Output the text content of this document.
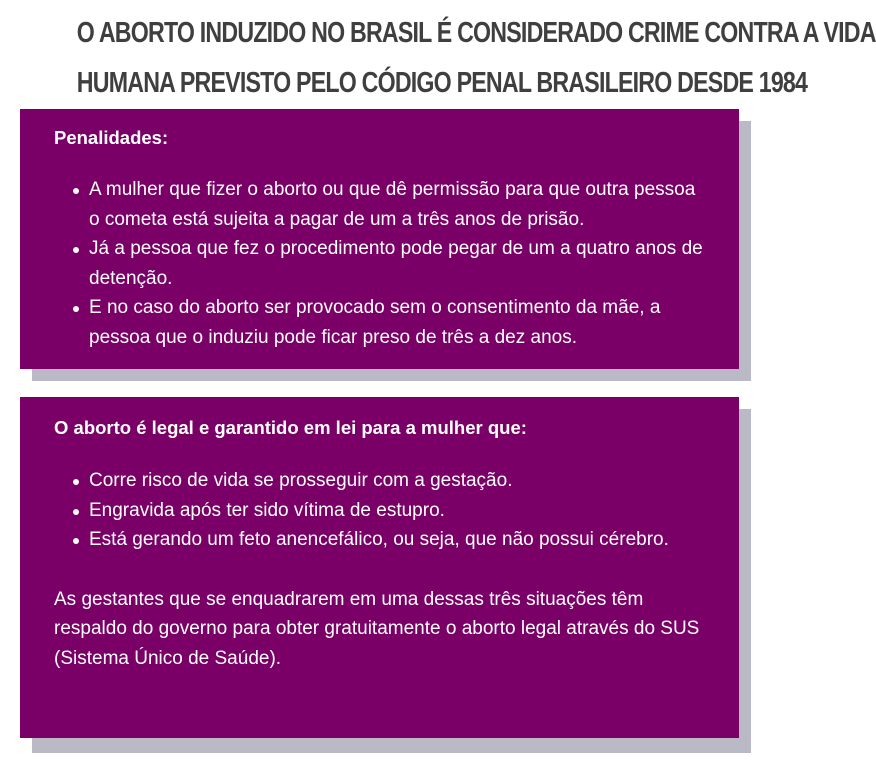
O ABORTO INDUZIDO NO BRASIL É CONSIDERADO CRIME CONTRA A VIDA
HUMANA PREVISTO PELO CÓDIGO PENAL BRASILEIRO DESDE 1984

Penalidades:

A mulher que fizer o aborto ou que dê permissão para que outra pessoa o cometa está sujeita a pagar de um a três anos de prisão.
Já a pessoa que fez o procedimento pode pegar de um a quatro anos de detenção.
E no caso do aborto ser provocado sem o consentimento da mãe, a pessoa que o induziu pode ficar preso de três a dez anos.

O aborto é legal e garantido em lei para a mulher que:

Corre risco de vida se prosseguir com a gestação.
Engravida após ter sido vítima de estupro.
Está gerando um feto anencefálico, ou seja, que não possui cérebro.

As gestantes que se enquadrarem em uma dessas três situações têm respaldo do governo para obter gratuitamente o aborto legal através do SUS (Sistema Único de Saúde).
